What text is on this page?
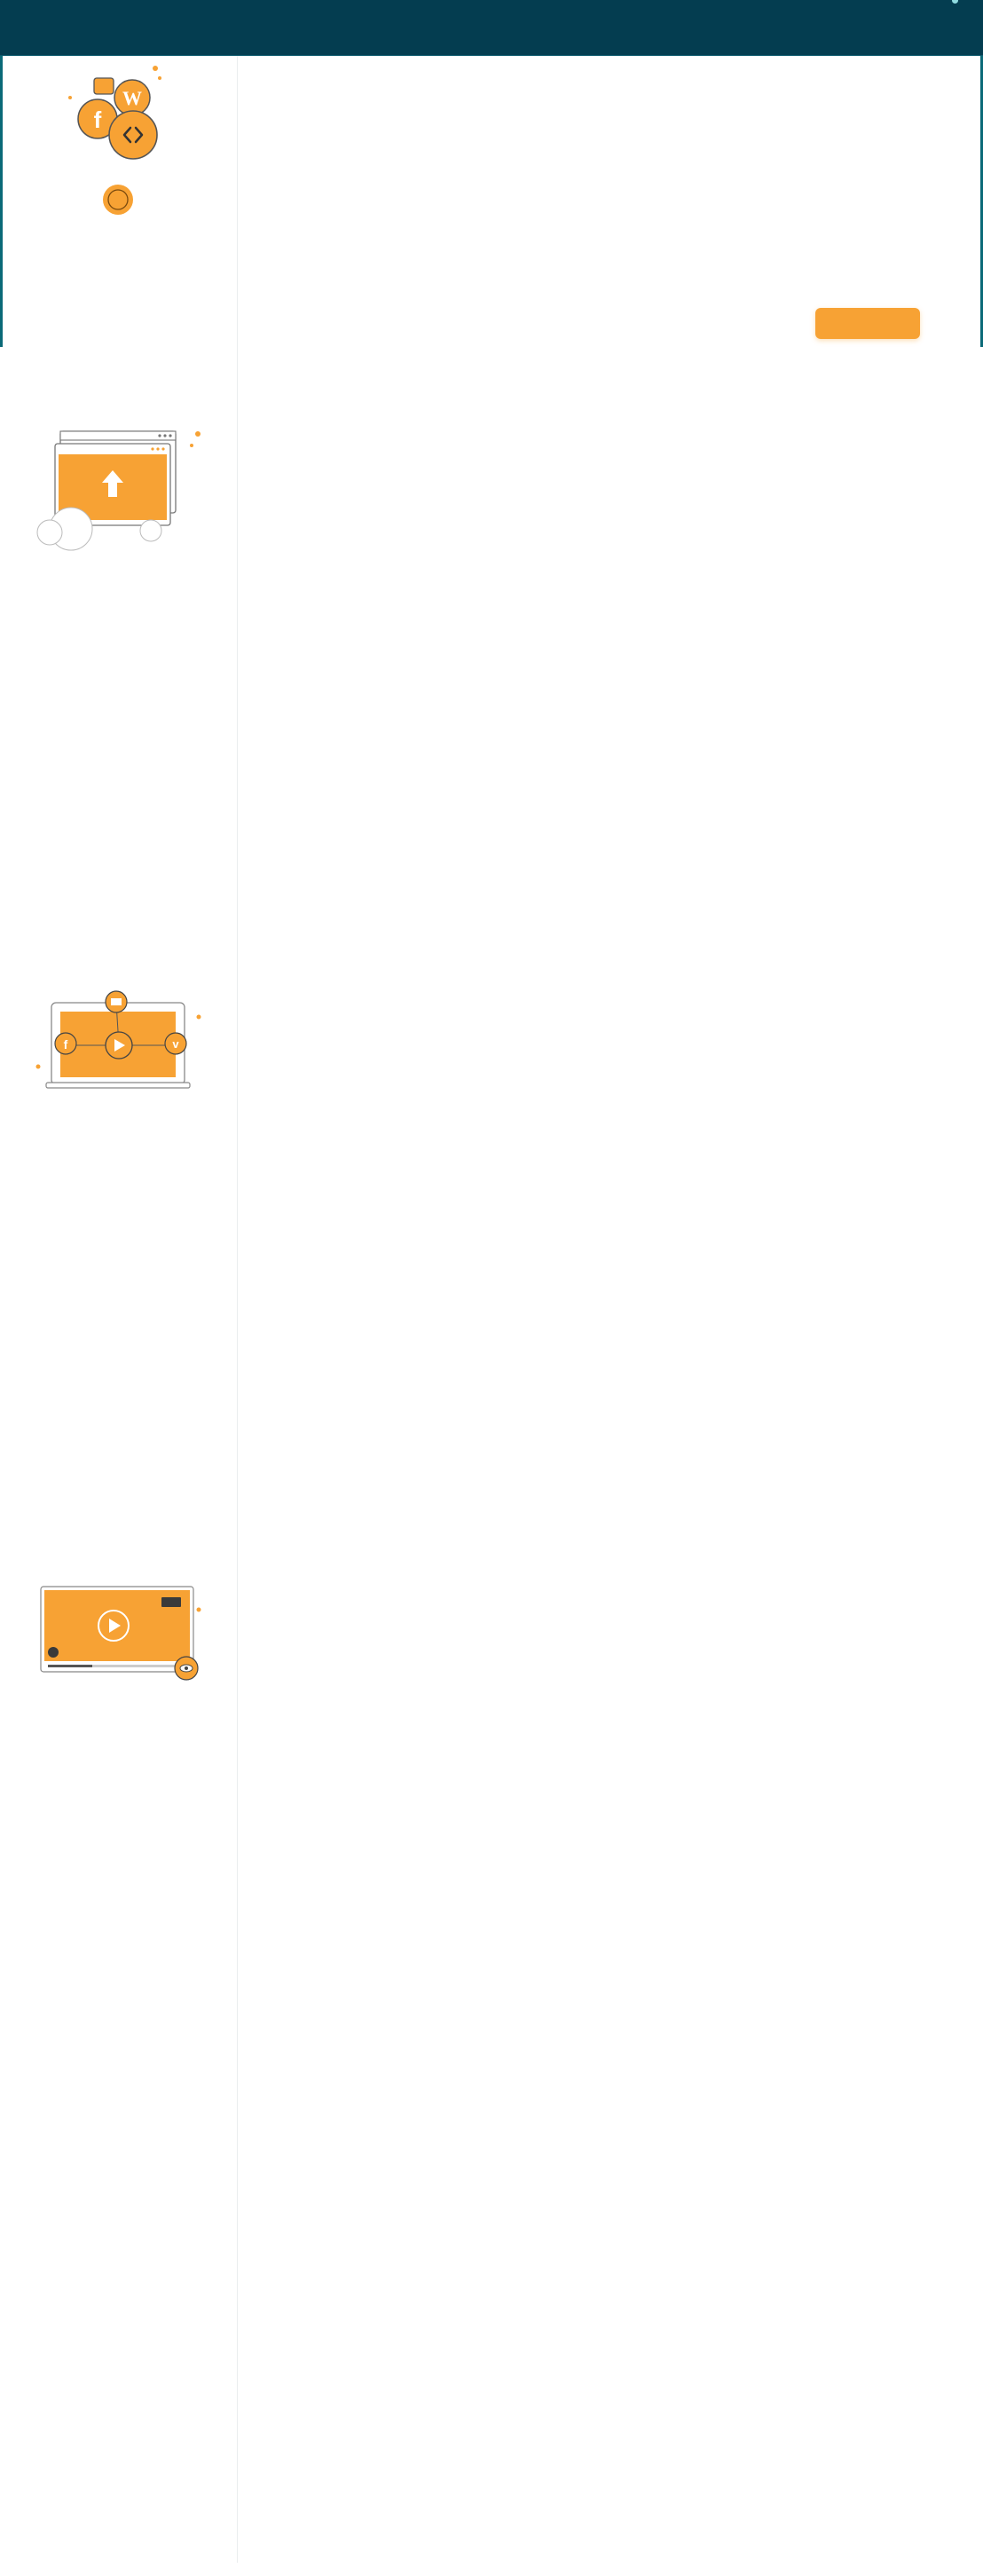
W
f
f	v
